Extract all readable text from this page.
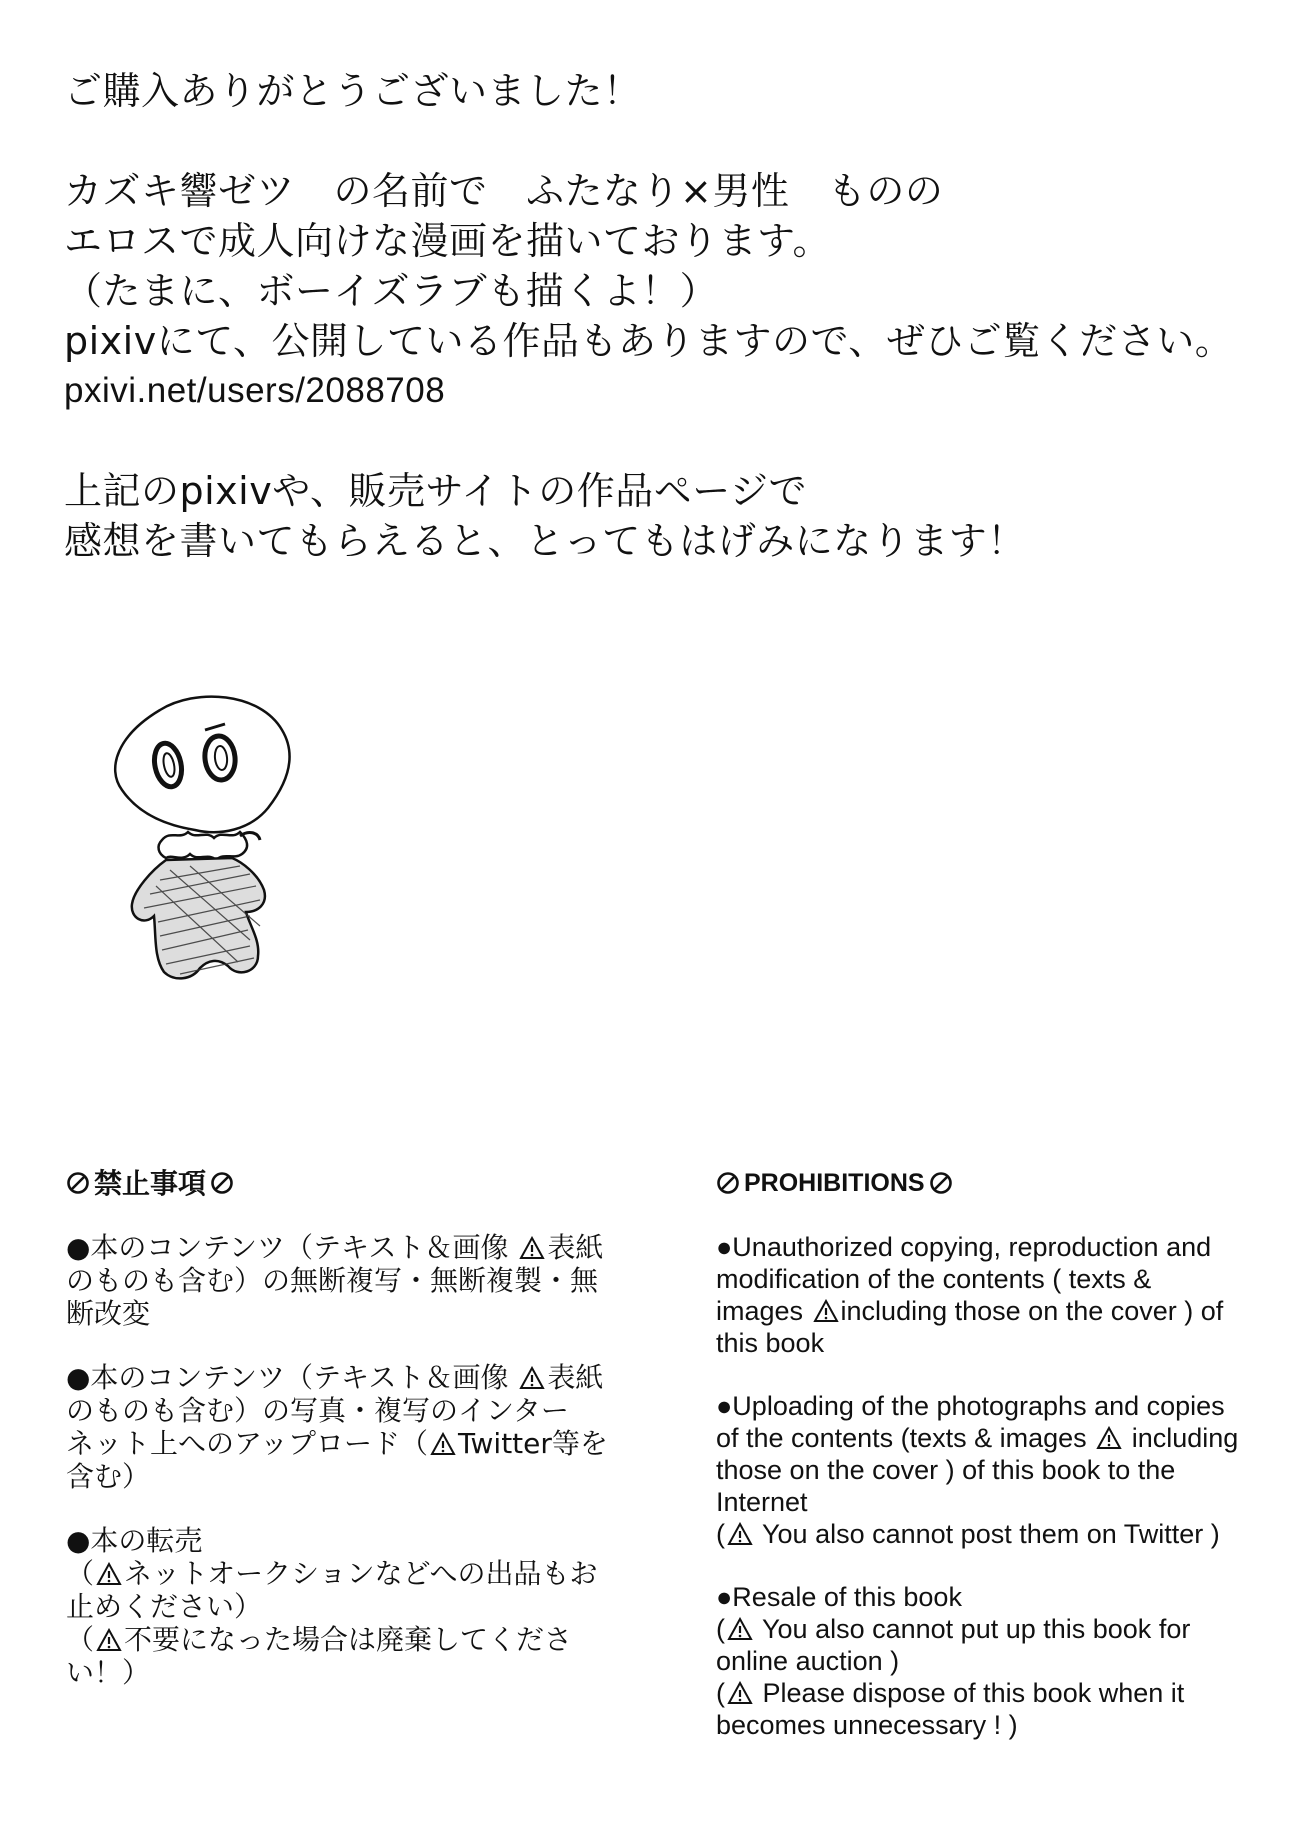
ご購入ありがとうございました！
カズキ響ゼツ　の名前で　ふたなり×男性　ものの
エロスで成人向けな漫画を描いております。
（たまに、ボーイズラブも描くよ！）
pixivにて、公開している作品もありますので、ぜひご覧ください。
pxivi.net/users/2088708
上記のpixivや、販売サイトの作品ページで
感想を書いてもらえると、とってもはげみになります！
禁止事項

●本のコンテンツ（テキスト＆画像 表紙

のものも含む）の無断複写・無断複製・無

断改変

●本のコンテンツ（テキスト＆画像 表紙

のものも含む）の写真・複写のインター

ネット上へのアップロード（ Twitter等を

含む）

●本の転売

（ ネットオークションなどへの出品もお

止めください）

（ 不要になった場合は廃棄してくださ

い！）

PROHIBITIONS

●Unauthorized copying, reproduction and

modification of the contents ( texts &

images including those on the cover ) of

this book

●Uploading of the photographs and copies

of the contents (texts & images  including

those on the cover ) of this book to the

Internet

( You also cannot post them on Twitter )

●Resale of this book

( You also cannot put up this book for

online auction )

( Please dispose of this book when it

becomes unnecessary ! )
